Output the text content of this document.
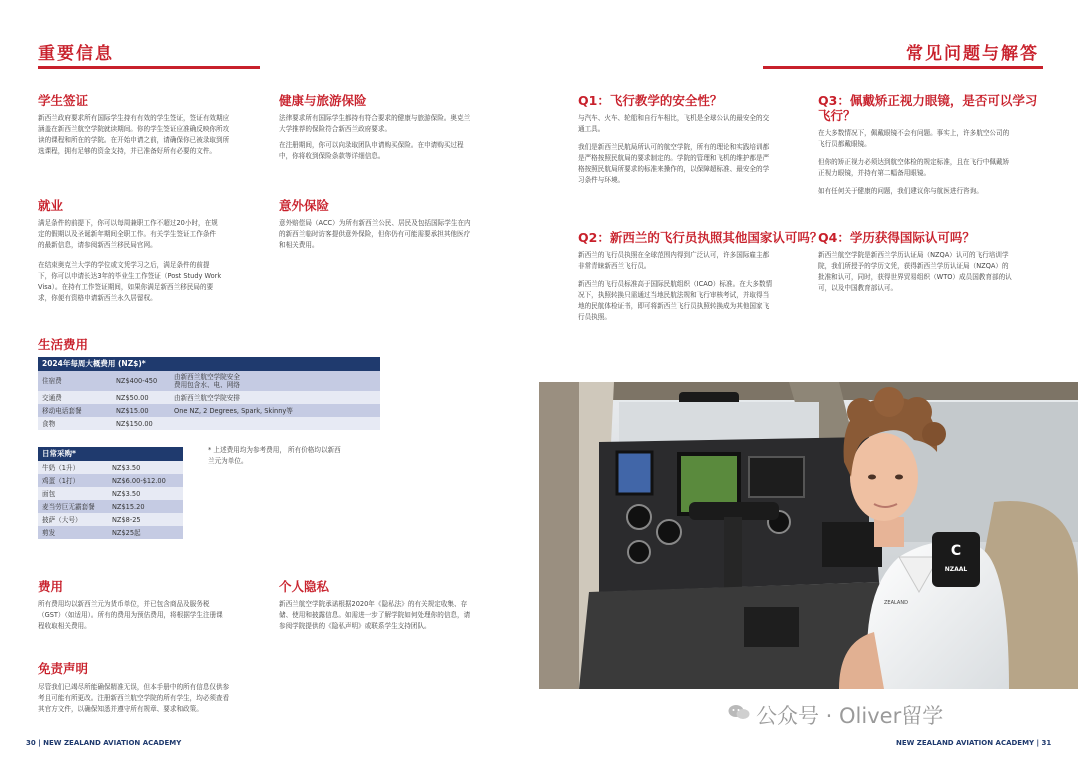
重要信息
学生签证
新西兰政府要求所有国际学生持有有效的学生签证，签证有效期应
涵盖在新西兰航空学院就读期间。你的学生签证应准确反映你所攻
读的课程和所在的学院。在开始申请之前，请确保你已被录取到所
选课程，拥有足够的资金支持，并已准备好所有必要的文件。
健康与旅游保险
法律要求所有国际学生都持有符合要求的健康与旅游保险。奥克兰
大学推荐的保险符合新西兰政府要求。
在注册期间，你可以向录取团队申请购买保险。在申请购买过程
中，你将收到保险条款等详细信息。
就业
满足条件的前提下，你可以每周兼职工作不超过20小时，在规
定的假期以及圣诞新年期间全职工作。有关学生签证工作条件
的最新信息，请参阅新西兰移民局官网。
在结束奥克兰大学的学位或文凭学习之后，满足条件的前提
下，你可以申请长达3年的毕业生工作签证（Post Study Work
Visa）。在持有工作签证期间，如果你满足新西兰移民局的要
求，你便有资格申请新西兰永久居留权。
意外保险
意外赔偿局（ACC）为所有新西兰公民、居民及包括国际学生在内
的新西兰临时访客提供意外保险，但你仍有可能需要承担其他医疗
和相关费用。
生活费用
2024年每周大概费用 (NZ$)*		
住宿费	NZ$400-450	由新西兰航空学院安全
费用包含水、电、网络

交通费	NZ$50.00	由新西兰航空学院安排
移动电话套餐	NZ$15.00	One NZ, 2 Degrees, Spark, Skinny等
食物	NZ$150.00	
日常采购*	
牛奶（1升）	NZ$3.50
鸡蛋（1打）	NZ$6.00-$12.00
面包	NZ$3.50
麦当劳巨无霸套餐	NZ$15.20
披萨（大号）	NZ$8-25
剪发	NZ$25起
* 上述费用均为参考费用， 所有价格均以新西
兰元为单位。
费用
所有费用均以新西兰元为货币单位，并已包含商品及服务税
（GST）（如适用）。所有的费用为预估费用，将根据学生注册课
程收取相关费用。
个人隐私
新西兰航空学院承诺根据2020年《隐私法》的有关规定收集、存
储、使用和披露信息。如需进一步了解学院如何处理你的信息，请
参阅学院提供的《隐私声明》或联系学生支持团队。
免责声明
尽管我们已竭尽所能确保精准无误，但本手册中的所有信息仅供参
考且可能有所更改。注册新西兰航空学院的所有学生，均必须查看
其官方文件，以确保知悉并遵守所有规章、要求和政策。
30 | NEW ZEALAND AVIATION ACADEMY
常见问题与解答
Q1：飞行教学的安全性？
与汽车、火车、轮船和自行车相比，飞机是全球公认的最安全的交
通工具。
我们是新西兰民航局所认可的航空学院，所有的理论和实践培训都
是严格按照民航局的要求制定的。学院的管理和飞机的维护都是严
格按照民航局所要求的标准来操作的，以保障超标准、最安全的学
习条件与环境。
Q3：佩戴矫正视力眼镜，是否可以学习
飞行？
在大多数情况下，佩戴眼镜不会有问题。事实上，许多航空公司的
飞行员都戴眼镜。
但你的矫正视力必须达到航空体检的规定标准，且在飞行中佩戴矫
正视力眼镜，并持有第二幅备用眼镜。
如有任何关于健康的问题，我们建议你与航医进行咨询。
Q2：新西兰的飞行员执照其他国家认可吗？
新西兰的飞行员执照在全球范围内得到广泛认可，许多国际雇主都
非常青睐新西兰飞行员。
新西兰的飞行员标准高于国际民航组织（ICAO）标准。在大多数情
况下，执照转换只需通过当地民航法规和飞行审核考试，并取得当
地的民航体检证书，即可将新西兰飞行员执照转换成为其他国家飞
行员执照。
Q4：学历获得国际认可吗？
新西兰航空学院是新西兰学历认证局（NZQA）认可的飞行培训学
院，我们所授予的学历文凭，获得新西兰学历认证局（NZQA）的
批准和认可，同时，获得世界贸易组织（WTO）成员国教育部的认
可，以及中国教育部认可。
C
NZAAL
ZEALAND
公众号 · Oliver留学
NEW ZEALAND AVIATION ACADEMY | 31
